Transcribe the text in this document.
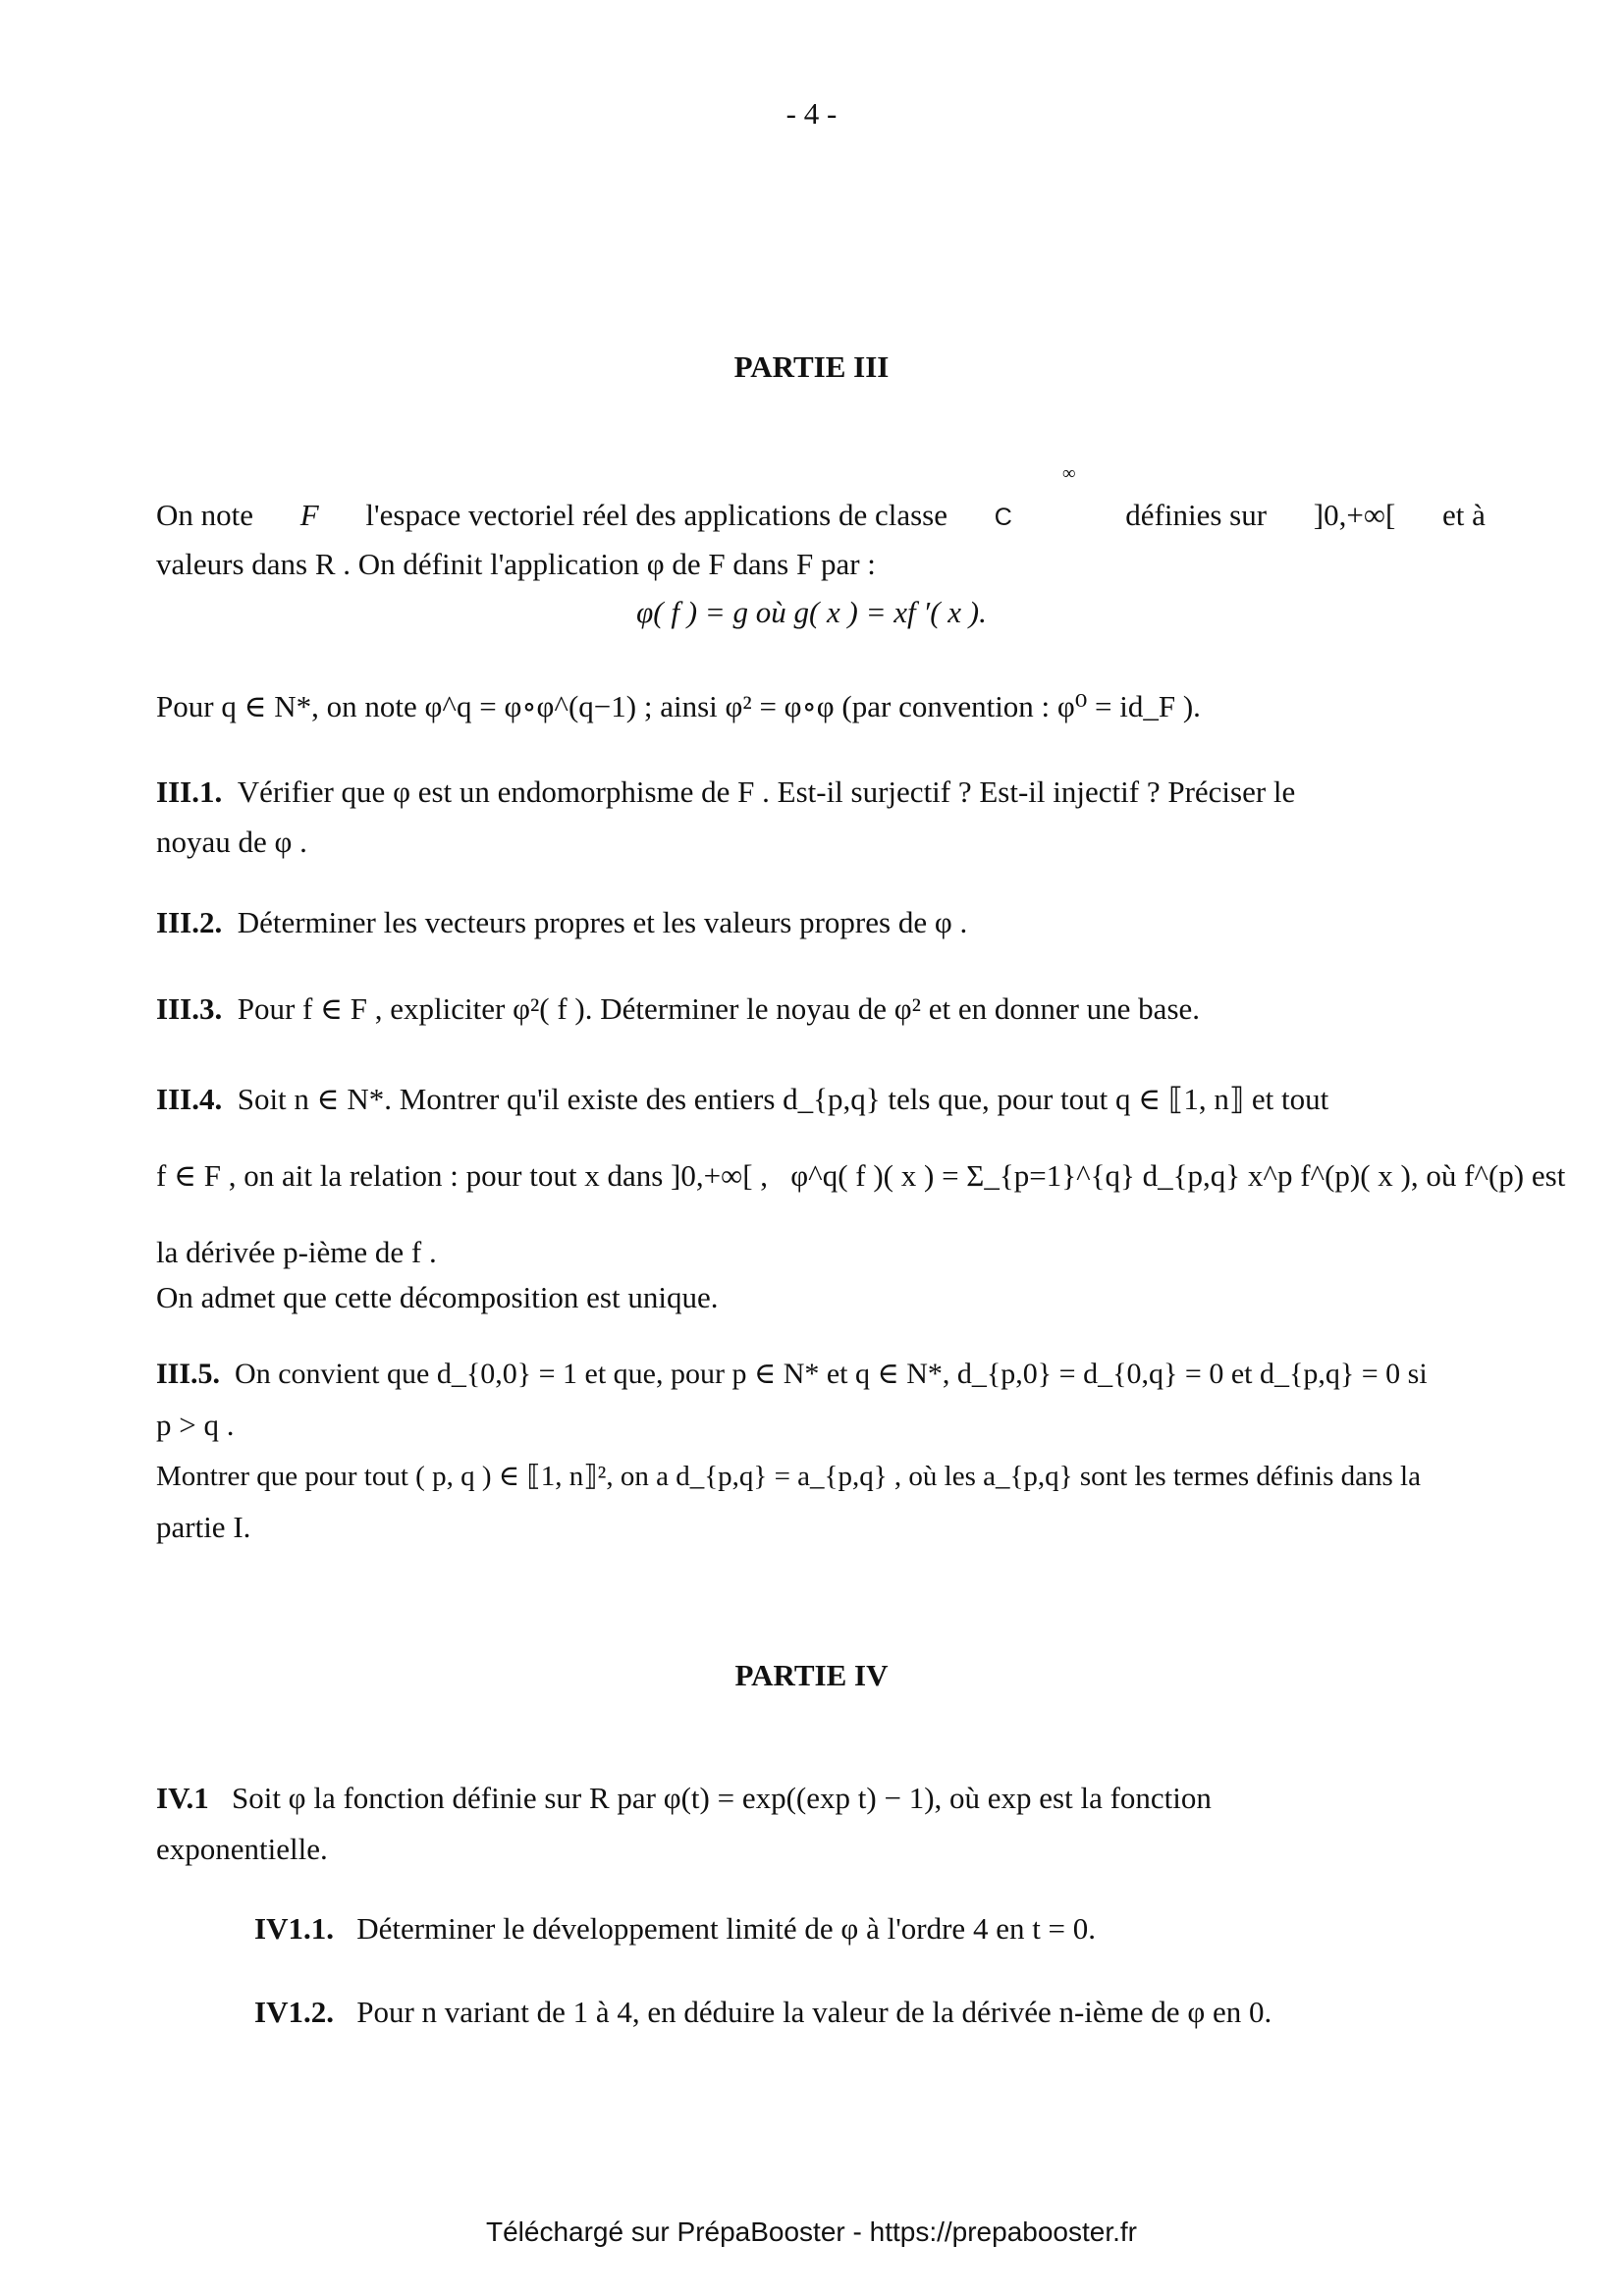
- 4 -
PARTIE III
∞
On note F l'espace vectoriel réel des applications de classe C	définies sur ]0,+∞[ et à
valeurs dans R . On définit l'application φ de F dans F par :
φ( f ) = g où g( x ) = xf ′( x ).
Pour q ∈ N*, on note φ^q = φ∘φ^(q−1) ; ainsi φ² = φ∘φ (par convention : φ⁰ = id_F ).
III.1. Vérifier que φ est un endomorphisme de F . Est-il surjectif ? Est-il injectif ? Préciser le
noyau de φ .
III.2. Déterminer les vecteurs propres et les valeurs propres de φ .
III.3. Pour f ∈ F , expliciter φ²( f ). Déterminer le noyau de φ² et en donner une base.
III.4. Soit n ∈ N*. Montrer qu'il existe des entiers d_{p,q} tels que, pour tout q ∈ ⟦1, n⟧ et tout
f ∈ F , on ait la relation : pour tout x dans ]0,+∞[ , φ^q( f )( x ) = Σ_{p=1}^{q} d_{p,q} x^p f^(p)( x ), où f^(p) est
la dérivée p-ième de f .
On admet que cette décomposition est unique.
III.5. On convient que d_{0,0} = 1 et que, pour p ∈ N* et q ∈ N*, d_{p,0} = d_{0,q} = 0 et d_{p,q} = 0 si
p > q .
Montrer que pour tout ( p, q ) ∈ ⟦1, n⟧², on a d_{p,q} = a_{p,q} , où les a_{p,q} sont les termes définis dans la
partie I.
PARTIE IV
IV.1 Soit φ la fonction définie sur R par φ(t) = exp((exp t) − 1), où exp est la fonction
exponentielle.
IV1.1. Déterminer le développement limité de φ à l'ordre 4 en t = 0.
IV1.2. Pour n variant de 1 à 4, en déduire la valeur de la dérivée n-ième de φ en 0.
Téléchargé sur PrépaBooster - https://prepabooster.fr
